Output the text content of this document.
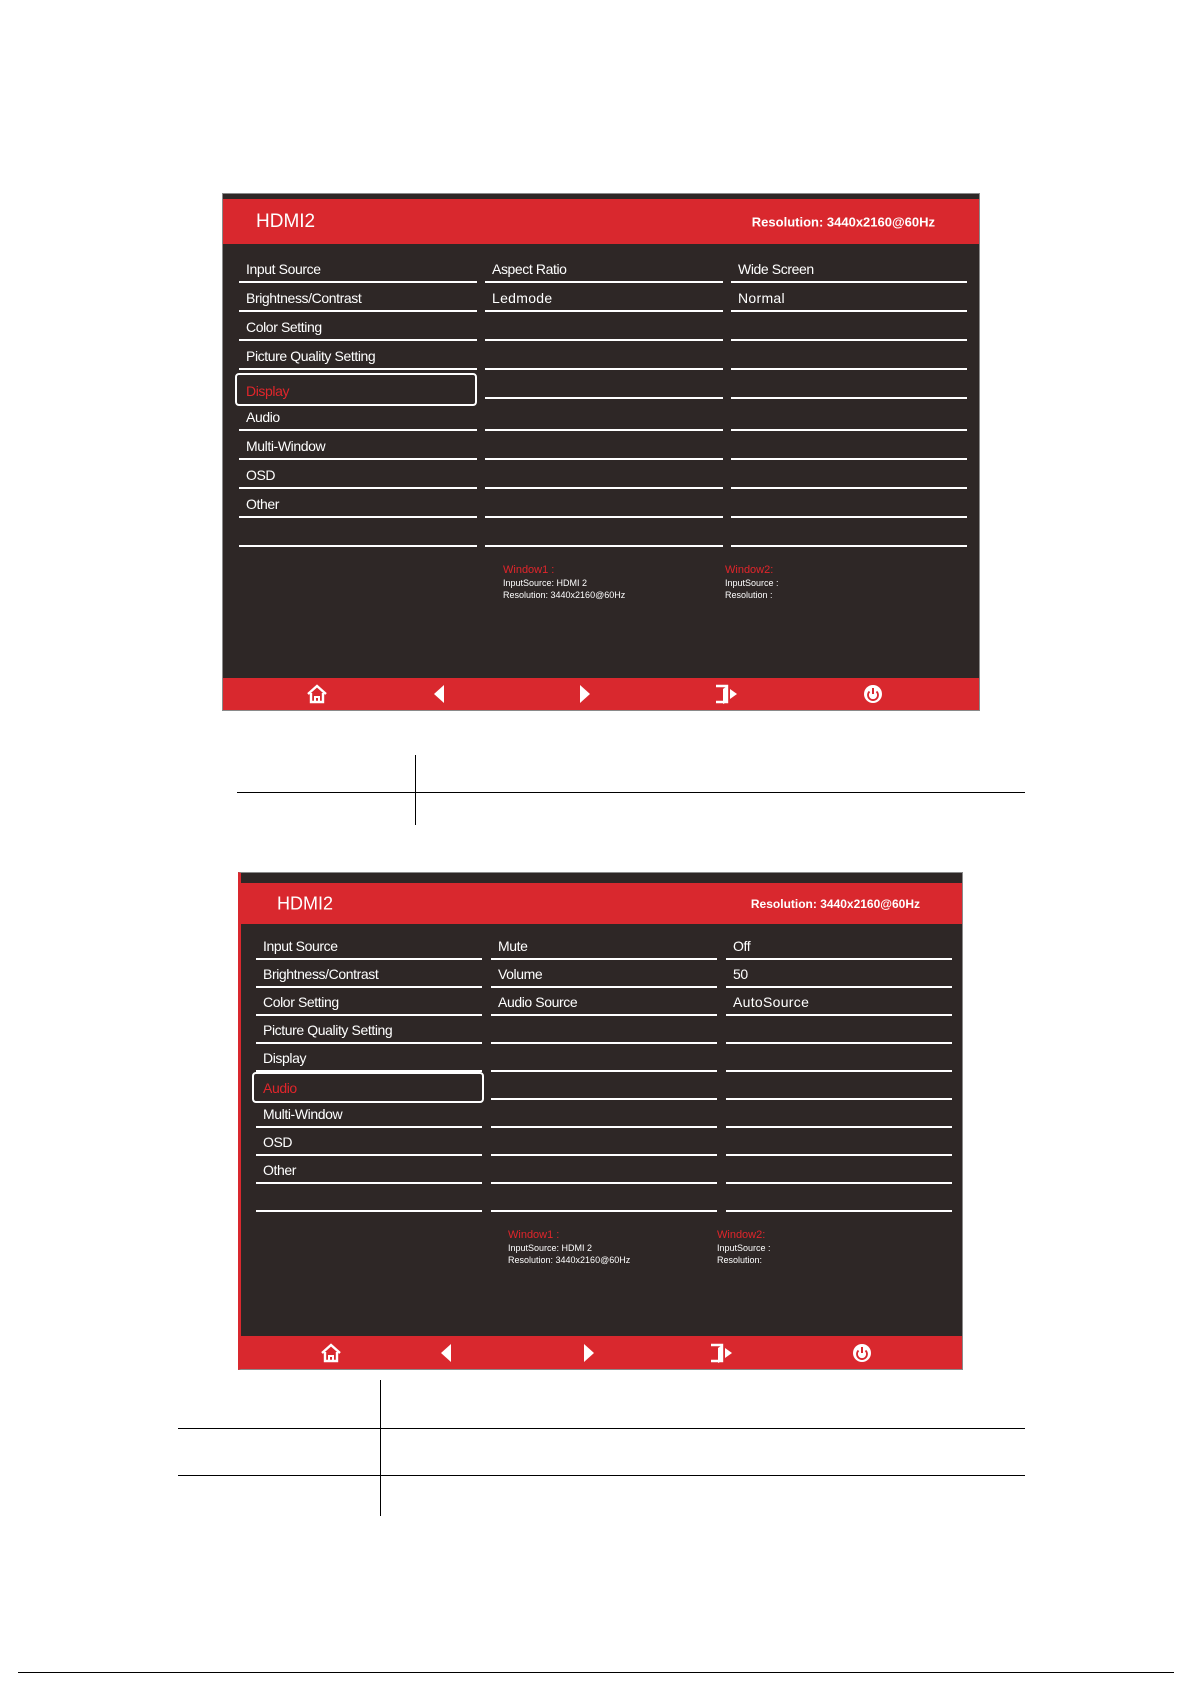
HDMI2	Resolution: 3440x2160@60Hz
Input Source
Brightness/Contrast
Color Setting
Picture Quality Setting
Display
Audio
Multi-Window
OSD
Other
Aspect Ratio
Ledmode
Wide Screen
Normal
Window1 :
InputSource: HDMI 2
Resolution: 3440x2160@60Hz
Window2:
InputSource :
Resolution :
HDMI2	Resolution: 3440x2160@60Hz
Input Source
Brightness/Contrast
Color Setting
Picture Quality Setting
Display
Audio
Multi-Window
OSD
Other
Mute
Volume
Audio Source
Off
50
AutoSource
Window1 :
InputSource: HDMI 2
Resolution: 3440x2160@60Hz
Window2:
InputSource :
Resolution:
